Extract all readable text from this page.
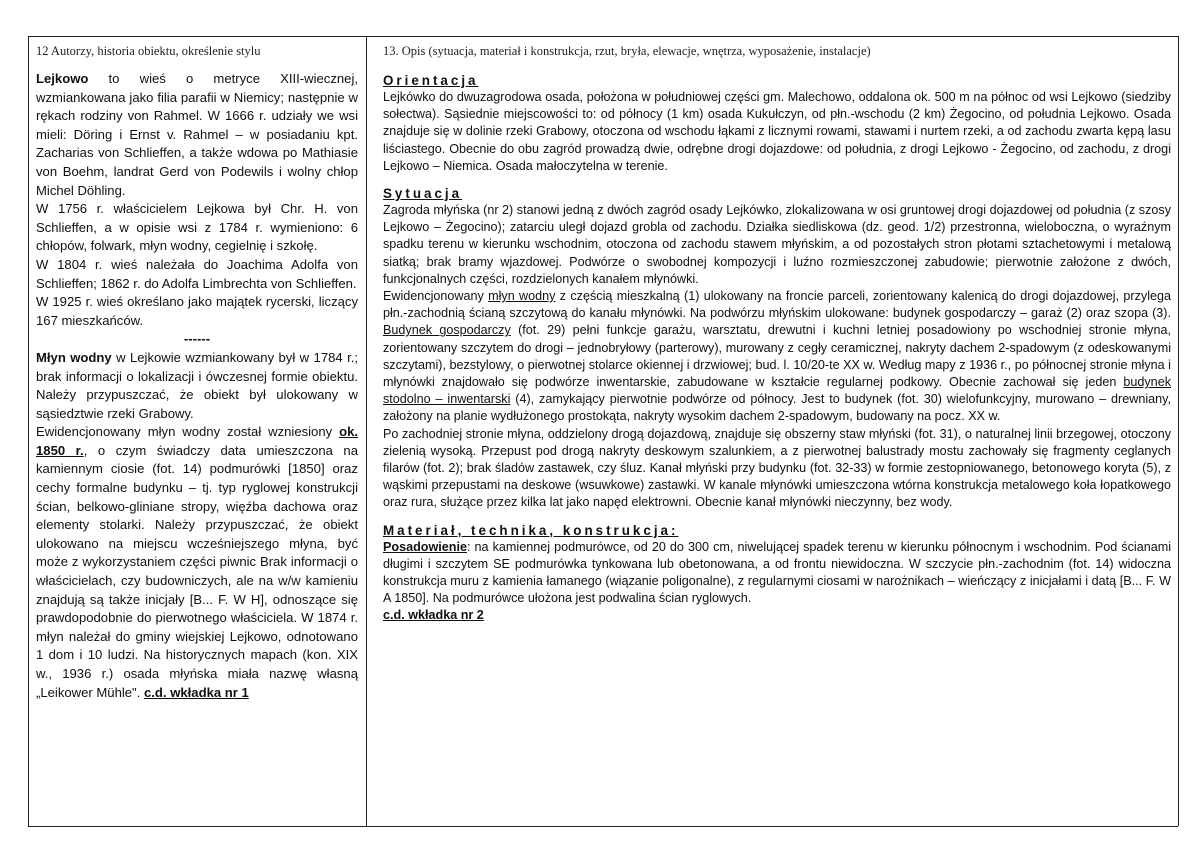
12 Autorzy, historia obiektu, określenie stylu	13. Opis (sytuacja, materiał i konstrukcja, rzut, bryła, elewacje, wnętrza, wyposażenie, instalacje)

Lejkowo to wieś o metryce XIII-wiecznej, wzmiankowana jako filia parafii w Niemicy; następnie w rękach rodziny von Rahmel. W 1666 r. udziały we wsi mieli: Döring i Ernst v. Rahmel – w posiadaniu kpt. Zacharias von Schlieffen, a także wdowa po Mathiasie von Boehm, landrat Gerd von Podewils i wolny chłop Michel Döhling.

W 1756 r. właścicielem Lejkowa był Chr. H. von Schlieffen, a w opisie wsi z 1784 r. wymieniono: 6 chłopów, folwark, młyn wodny, cegielnię i szkołę.

W 1804 r. wieś należała do Joachima Adolfa von Schlieffen; 1862 r. do Adolfa Limbrechta von Schlieffen.

W 1925 r. wieś określano jako majątek rycerski, liczący 167 mieszkańców.

------

Młyn wodny w Lejkowie wzmiankowany był w 1784 r.; brak informacji o lokalizacji i ówczesnej formie obiektu. Należy przypuszczać, że obiekt był ulokowany w sąsiedztwie rzeki Grabowy.

Ewidencjonowany młyn wodny został wzniesiony ok. 1850 r., o czym świadczy data umieszczona na kamiennym ciosie (fot. 14) podmurówki [1850] oraz cechy formalne budynku – tj. typ ryglowej konstrukcji ścian, belkowo-gliniane stropy, więźba dachowa oraz elementy stolarki. Należy przypuszczać, że obiekt ulokowano na miejscu wcześniejszego młyna, być może z wykorzystaniem części piwnic Brak informacji o właścicielach, czy budowniczych, ale na w/w kamieniu znajdują są także inicjały [B... F. W H], odnoszące się prawdopodobnie do pierwotnego właściciela. W 1874 r. młyn należał do gminy wiejskiej Lejkowo, odnotowano 1 dom i 10 ludzi. Na historycznych mapach (kon. XIX w., 1936 r.) osada młyńska miała nazwę własną „Leikower Mühle". c.d. wkładka nr 1

Orientacja

Lejkówko do dwuzagrodowa osada, położona w południowej części gm. Malechowo, oddalona ok. 500 m na północ od wsi Lejkowo (siedziby sołectwa). Sąsiednie miejscowości to: od północy (1 km) osada Kukułczyn, od płn.-wschodu (2 km) Żegocino, od południa Lejkowo. Osada znajduje się w dolinie rzeki Grabowy, otoczona od wschodu łąkami z licznymi rowami, stawami i nurtem rzeki, a od zachodu zwarta kępą lasu liściastego. Obecnie do obu zagród prowadzą dwie, odrębne drogi dojazdowe: od południa, z drogi Lejkowo - Żegocino, od zachodu, z drogi Lejkowo – Niemica. Osada małoczytelna w terenie.

Sytuacja

Zagroda młyńska (nr 2) stanowi jedną z dwóch zagród osady Lejkówko, zlokalizowana w osi gruntowej drogi dojazdowej od południa (z szosy Lejkowo – Żegocino); zatarciu uległ dojazd grobla od zachodu. Działka siedliskowa (dz. geod. 1/2) przestronna, wieloboczna, o wyraźnym spadku terenu w kierunku wschodnim, otoczona od zachodu stawem młyńskim, a od pozostałych stron płotami sztachetowymi i metalową siatką; brak bramy wjazdowej. Podwórze o swobodnej kompozycji i luźno rozmieszczonej zabudowie; pierwotnie założone z dwóch, funkcjonalnych części, rozdzielonych kanałem młynówki.

Ewidencjonowany młyn wodny z częścią mieszkalną (1) ulokowany na froncie parceli, zorientowany kalenicą do drogi dojazdowej, przylega płn.-zachodnią ścianą szczytową do kanału młynówki. Na podwórzu młyńskim ulokowane: budynek gospodarczy – garaż (2) oraz szopa (3). Budynek gospodarczy (fot. 29) pełni funkcje garażu, warsztatu, drewutni i kuchni letniej posadowiony po wschodniej stronie młyna, zorientowany szczytem do drogi – jednobryłowy (parterowy), murowany z cegły ceramicznej, nakryty dachem 2-spadowym (z odeskowanymi szczytami), bezstylowy, o pierwotnej stolarce okiennej i drzwiowej; bud. l. 10/20-te XX w. Według mapy z 1936 r., po północnej stronie młyna i młynówki znajdowało się podwórze inwentarskie, zabudowane w kształcie regularnej podkowy. Obecnie zachował się jeden budynek stodolno – inwentarski (4), zamykający pierwotnie podwórze od północy. Jest to budynek (fot. 30) wielofunkcyjny, murowano – drewniany, założony na planie wydłużonego prostokąta, nakryty wysokim dachem 2-spadowym, budowany na pocz. XX w.

Po zachodniej stronie młyna, oddzielony drogą dojazdową, znajduje się obszerny staw młyński (fot. 31), o naturalnej linii brzegowej, otoczony zielenią wysoką. Przepust pod drogą nakryty deskowym szalunkiem, a z pierwotnej balustrady mostu zachowały się fragmenty ceglanych filarów (fot. 2); brak śladów zastawek, czy śluz. Kanał młyński przy budynku (fot. 32-33) w formie zestopniowanego, betonowego koryta (5), z wąskimi przepustami na deskowe (wsuwkowe) zastawki. W kanale młynówki umieszczona wtórna konstrukcja metalowego koła łopatkowego oraz rura, służące przez kilka lat jako napęd elektrowni. Obecnie kanał młynówki nieczynny, bez wody.

Materiał, technika, konstrukcja:

Posadowienie: na kamiennej podmurówce, od 20 do 300 cm, niwelującej spadek terenu w kierunku północnym i wschodnim. Pod ścianami długimi i szczytem SE podmurówka tynkowana lub obetonowana, a od frontu niewidoczna. W szczycie płn.-zachodnim (fot. 14) widoczna konstrukcja muru z kamienia łamanego (wiązanie poligonalne), z regularnymi ciosami w narożnikach – wieńczący z inicjałami i datą [B... F. W A 1850]. Na podmurówce ułożona jest podwalina ścian ryglowych.

c.d. wkładka nr 2
